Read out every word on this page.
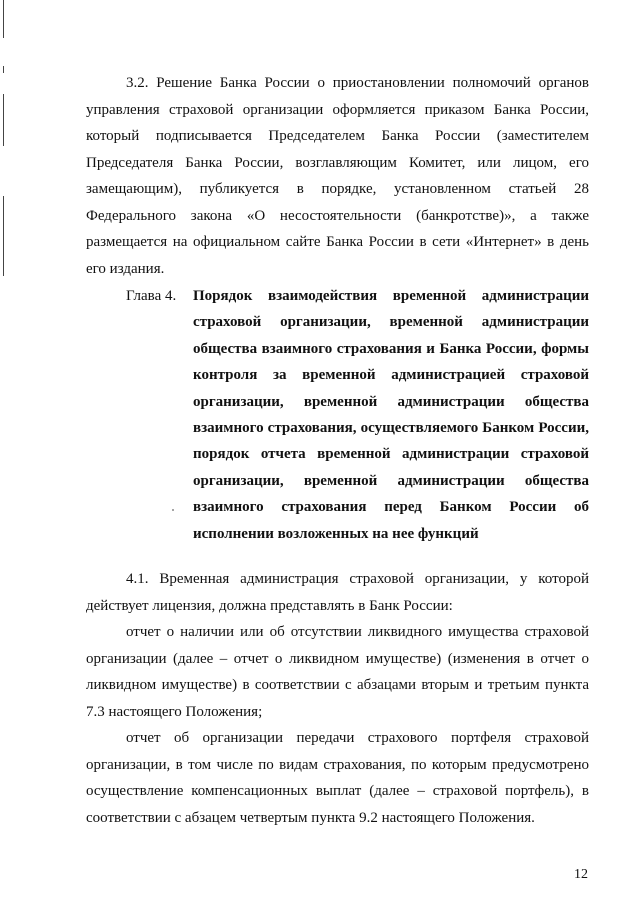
3.2. Решение Банка России о приостановлении полномочий органов управления страховой организации оформляется приказом Банка России, который подписывается Председателем Банка России (заместителем Председателя Банка России, возглавляющим Комитет, или лицом, его замещающим), публикуется в порядке, установленном статьей 28 Федерального закона «О несостоятельности (банкротстве)», а также размещается на официальном сайте Банка России в сети «Интернет» в день его издания.

Глава 4. Порядок взаимодействия временной администрации страховой организации, временной администрации общества взаимного страхования и Банка России, формы контроля за временной администрацией страховой организации, временной администрации общества взаимного страхования, осуществляемого Банком России, порядок отчета временной администрации страховой организации, временной администрации общества взаимного страхования перед Банком России об исполнении возложенных на нее функций

4.1. Временная администрация страховой организации, у которой действует лицензия, должна представлять в Банк России:

отчет о наличии или об отсутствии ликвидного имущества страховой организации (далее – отчет о ликвидном имуществе) (изменения в отчет о ликвидном имуществе) в соответствии с абзацами вторым и третьим пункта 7.3 настоящего Положения;

отчет об организации передачи страхового портфеля страховой организации, в том числе по видам страхования, по которым предусмотрено осуществление компенсационных выплат (далее – страховой портфель), в соответствии с абзацем четвертым пункта 9.2 настоящего Положения.

12
